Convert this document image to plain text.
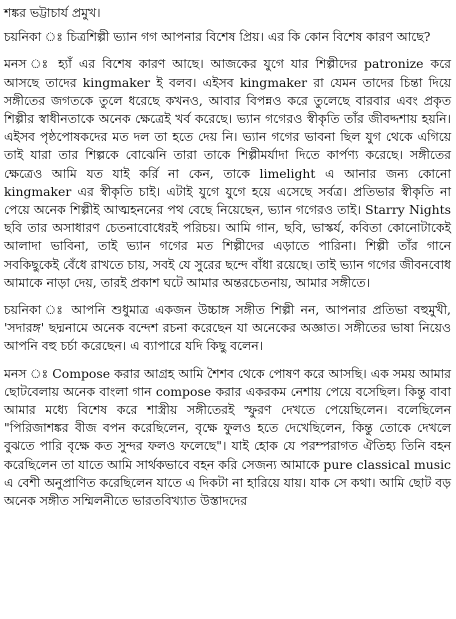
শঙ্কর ভট্টাচার্য প্রমুখ।

চয়নিকা ঃ চিত্রশিল্পী ভ্যান গগ আপনার বিশেষ প্রিয়। এর কি কোন বিশেষ কারণ আছে?

মনস ঃ হ্যাঁ এর বিশেষ কারণ আছে। আজকের যুগে যার শিল্পীদের patronize করে আসছে তাদের kingmaker ই বলব। এইসব kingmaker রা যেমন তাদের চিন্তা দিয়ে সঙ্গীতের জগতকে তুলে ধরেছে কখনও, আবার বিপন্নও করে তুলেছে বারবার এবং প্রকৃত শিল্পীর স্বাধীনতাকে অনেক ক্ষেত্রেই খর্ব করেছে। ভ্যান গগেরও স্বীকৃতি তাঁর জীবদ্দশায় হয়নি। এইসব পৃষ্ঠপোষকদের মত দল তা হতে দেয় নি। ভ্যান গগের ভাবনা ছিল যুগ থেকে এগিয়ে তাই যারা তার শিল্পকে বোঝেনি তারা তাকে শিল্পীমর্যাদা দিতে কার্পণ্য করেছে। সঙ্গীতের ক্ষেত্রেও আমি যত যাই কর্রি না কেন, তাকে limelight এ আনার জন্য কোনো kingmaker এর স্বীকৃতি চাই। এটাই যুগে যুগে হয়ে এসেছে সর্বত্র। প্রতিভার স্বীকৃতি না পেয়ে অনেক শিল্পীই আত্মহননের পথ বেছে নিয়েছেন, ভ্যান গগেরও তাই। Starry Nights ছবি তার অসাধারণ চেতনাবোধেরই পরিচয়। আমি গান, ছবি, ভাস্কর্য, কবিতা কোনোটাকেই আলাদা ভাবিনা, তাই ভ্যান গগের মত শিল্পীদের এড়াতে পারিনা। শিল্পী তাঁর গানে সবকিছুকেই বেঁধে রাখতে চায়, সবই যে সুরের ছন্দে বাঁধা রয়েছে। তাই ভ্যান গগের জীবনবোধ আমাকে নাড়া দেয়, তারই প্রকাশ ঘটে আমার অন্তরচেতনায়, আমার সঙ্গীতে।

চয়নিকা ঃ আপনি শুধুমাত্র একজন উচ্চাঙ্গ সঙ্গীত শিল্পী নন, আপনার প্রতিভা বহুমুখী, 'সদারঙ্গ' ছদ্মনামে অনেক বন্দেশ রচনা করেছেন যা অনেকের অজ্ঞাত। সঙ্গীতের ভাষা নিয়েও আপনি বহু চর্চা করেছেন। এ ব্যাপারে যদি কিছু বলেন।

মনস ঃ Compose করার আগ্রহ আমি শৈশব থেকে পোষণ করে আসছি। এক সময় আমার ছোটবেলায় অনেক বাংলা গান compose করার একরকম নেশায় পেয়ে বসেছিল। কিন্তু বাবা আমার মধ্যে বিশেষ করে শাস্ত্রীয় সঙ্গীতেরই স্ফুরণ দেখতে পেয়েছিলেন। বলেছিলেন "পিরিজাশঙ্কর বীজ বপন করেছিলেন, বৃক্ষে ফুলও হতে দেখেছিলেন, কিন্তু তোকে দেখলে বুঝতে পারি বৃক্ষে কত সুন্দর ফলও ফলেছে"। যাই হোক যে পরম্পরাগত ঐতিহ্য তিনি বহন করেছিলেন তা যাতে আমি সার্থকভাবে বহন করি সেজন্য আমাকে pure classical music এ বেশী অনুপ্রাণিত করেছিলেন যাতে এ দিকটা না হারিয়ে যায়। যাক সে কথা। আমি ছোট বড় অনেক সঙ্গীত সম্মিলনীতে ভারতবিখ্যাত উস্তাদদের
